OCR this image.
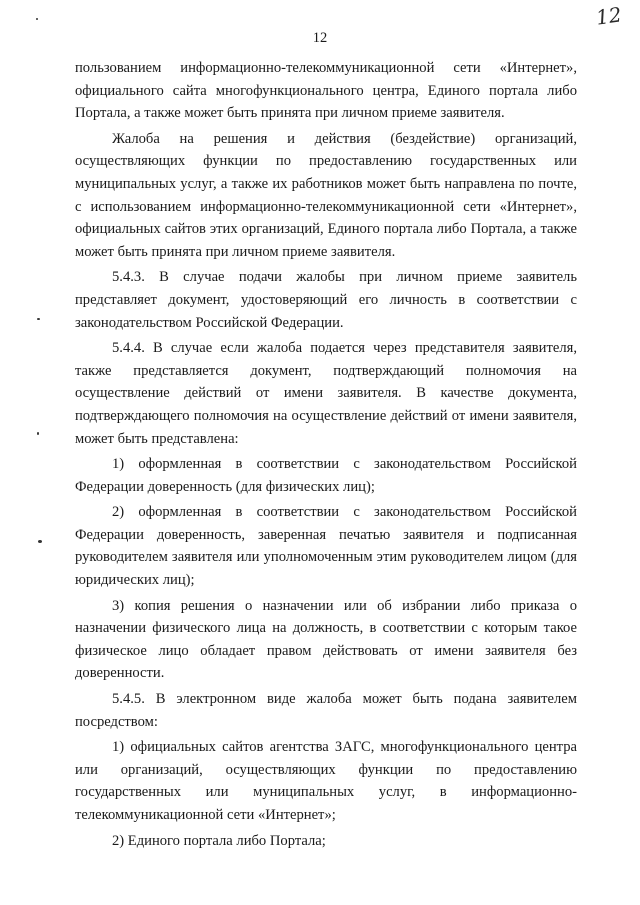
12
12

пользованием информационно-телекоммуникационной сети «Интернет», официального сайта многофункционального центра, Единого портала либо Портала, а также может быть принята при личном приеме заявителя.

Жалоба на решения и действия (бездействие) организаций, осуществляющих функции по предоставлению государственных или муниципальных услуг, а также их работников может быть направлена по почте, с использованием информационно-телекоммуникационной сети «Интернет», официальных сайтов этих организаций, Единого портала либо Портала, а также может быть принята при личном приеме заявителя.

5.4.3. В случае подачи жалобы при личном приеме заявитель представляет документ, удостоверяющий его личность в соответствии с законодательством Российской Федерации.

5.4.4. В случае если жалоба подается через представителя заявителя, также представляется документ, подтверждающий полномочия на осуществление действий от имени заявителя. В качестве документа, подтверждающего полномочия на осуществление действий от имени заявителя, может быть представлена:

1) оформленная в соответствии с законодательством Российской Федерации доверенность (для физических лиц);

2) оформленная в соответствии с законодательством Российской Федерации доверенность, заверенная печатью заявителя и подписанная руководителем заявителя или уполномоченным этим руководителем лицом (для юридических лиц);

3) копия решения о назначении или об избрании либо приказа о назначении физического лица на должность, в соответствии с которым такое физическое лицо обладает правом действовать от имени заявителя без доверенности.

5.4.5. В электронном виде жалоба может быть подана заявителем посредством:

1) официальных сайтов агентства ЗАГС, многофункционального центра или организаций, осуществляющих функции по предоставлению государственных или муниципальных услуг, в информационно-телекоммуникационной сети «Интернет»;

2) Единого портала либо Портала;
